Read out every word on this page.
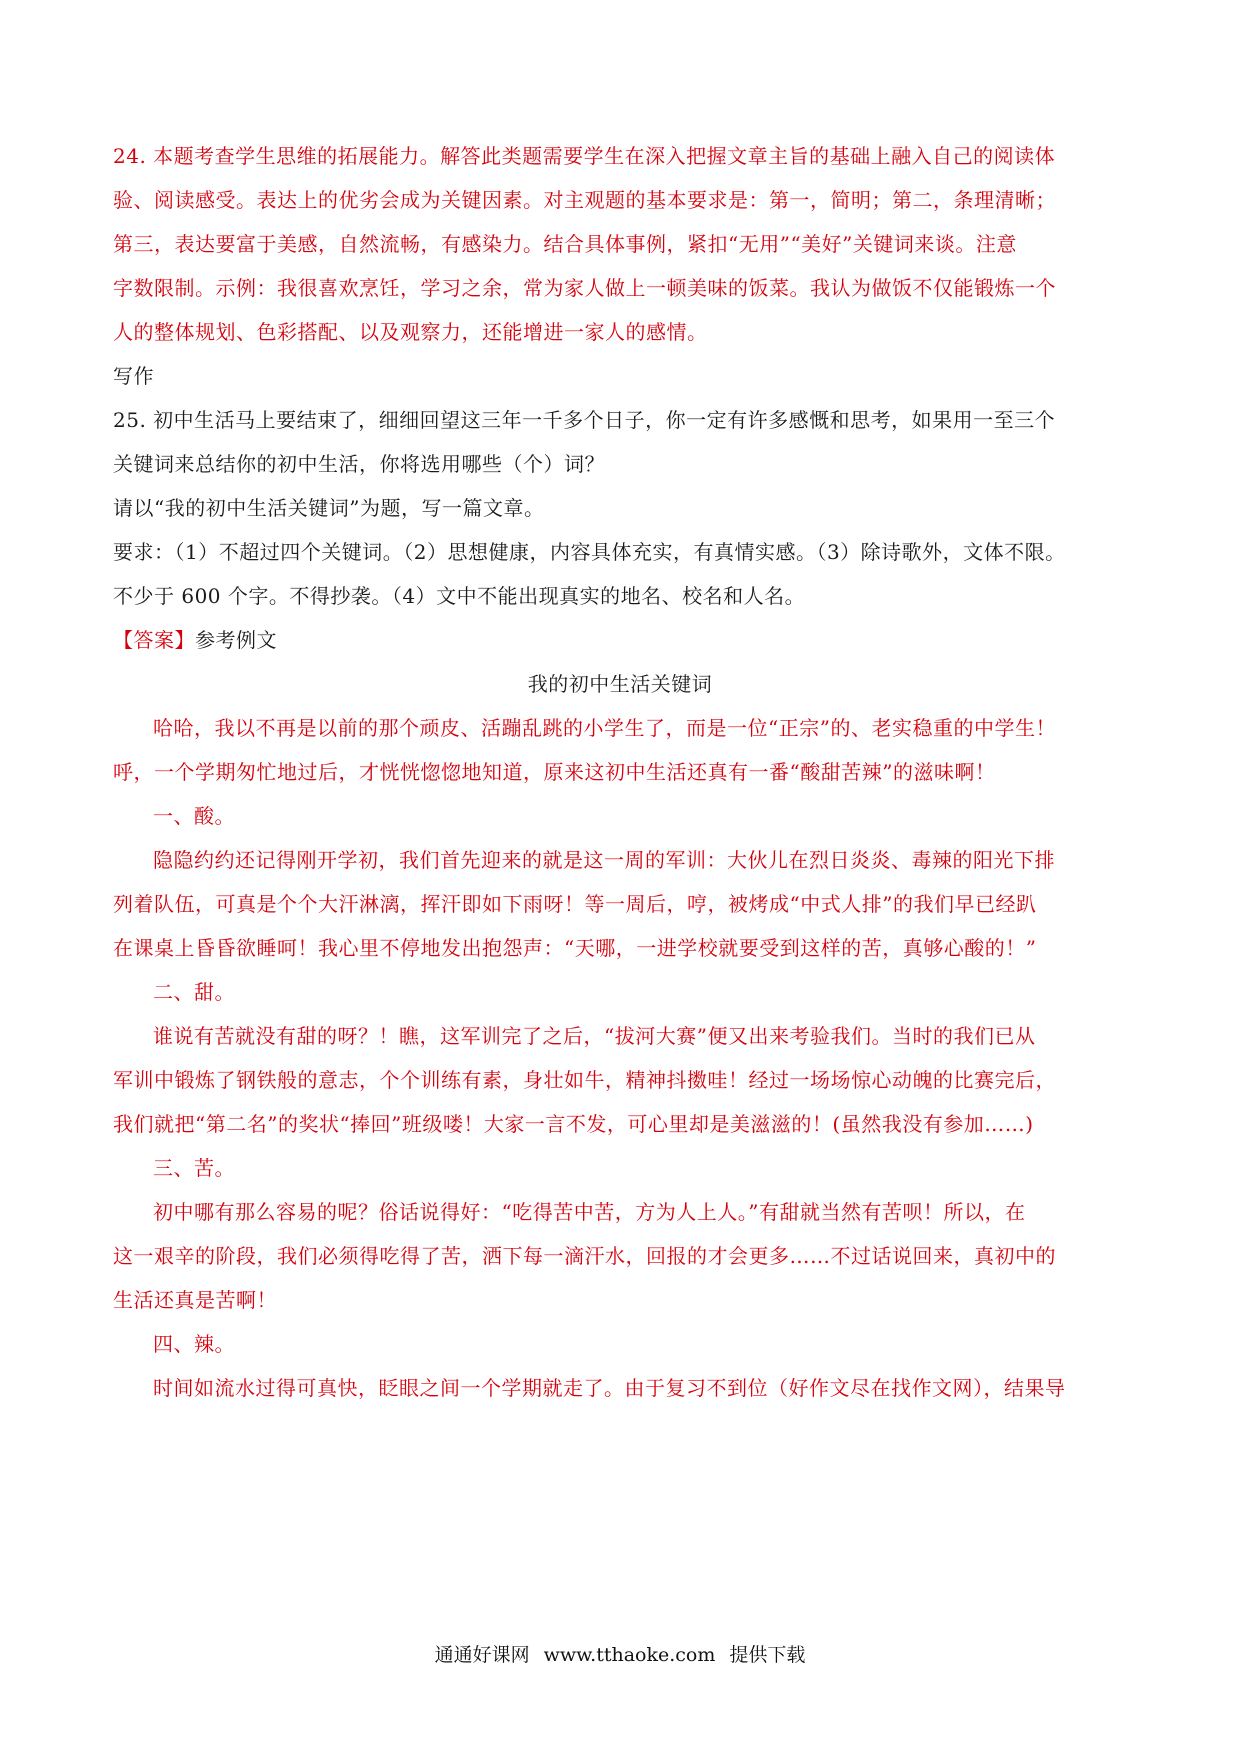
24. 本题考查学生思维的拓展能力。解答此类题需要学生在深入把握文章主旨的基础上融入自己的阅读体
验、阅读感受。表达上的优劣会成为关键因素。对主观题的基本要求是：第一，简明；第二，条理清晰；
第三，表达要富于美感，自然流畅，有感染力。结合具体事例，紧扣“无用”“美好”关键词来谈。注意
字数限制。示例：我很喜欢烹饪，学习之余，常为家人做上一顿美味的饭菜。我认为做饭不仅能锻炼一个
人的整体规划、色彩搭配、以及观察力，还能增进一家人的感情。
写作
25. 初中生活马上要结束了，细细回望这三年一千多个日子，你一定有许多感慨和思考，如果用一至三个
关键词来总结你的初中生活，你将选用哪些（个）词？
请以“我的初中生活关键词”为题，写一篇文章。
要求：（1）不超过四个关键词。（2）思想健康，内容具体充实，有真情实感。（3）除诗歌外，文体不限。
不少于 600 个字。不得抄袭。（4）文中不能出现真实的地名、校名和人名。
【答案】参考例文
我的初中生活关键词
哈哈，我以不再是以前的那个顽皮、活蹦乱跳的小学生了，而是一位“正宗”的、老实稳重的中学生！
呼，一个学期匆忙地过后，才恍恍惚惚地知道，原来这初中生活还真有一番“酸甜苦辣”的滋味啊！
一、酸。
隐隐约约还记得刚开学初，我们首先迎来的就是这一周的军训：大伙儿在烈日炎炎、毒辣的阳光下排
列着队伍，可真是个个大汗淋漓，挥汗即如下雨呀！等一周后，哼，被烤成“中式人排”的我们早已经趴
在课桌上昏昏欲睡呵！我心里不停地发出抱怨声：“天哪，一进学校就要受到这样的苦，真够心酸的！”
二、甜。
谁说有苦就没有甜的呀？！瞧，这军训完了之后，“拔河大赛”便又出来考验我们。当时的我们已从
军训中锻炼了钢铁般的意志，个个训练有素，身壮如牛，精神抖擞哇！经过一场场惊心动魄的比赛完后，
我们就把“第二名”的奖状“捧回”班级喽！大家一言不发，可心里却是美滋滋的！(虽然我没有参加……)
三、苦。
初中哪有那么容易的呢？俗话说得好：“吃得苦中苦，方为人上人。”有甜就当然有苦呗！所以，在
这一艰辛的阶段，我们必须得吃得了苦，洒下每一滴汗水，回报的才会更多……不过话说回来，真初中的
生活还真是苦啊！
四、辣。
时间如流水过得可真快，眨眼之间一个学期就走了。由于复习不到位（好作文尽在找作文网），结果导
通通好课网 www.tthaoke.com 提供下载
